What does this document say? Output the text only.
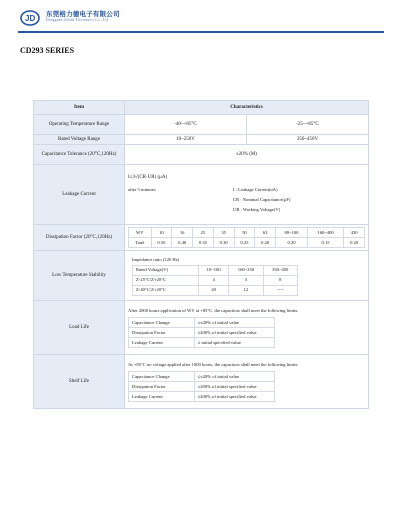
JD 东莞格力德电子有限公司
Dongguan Gelide Electronics Co., Ltd
CD293 SERIES
Item	Characteristics
Operating Temperature Range	-40~+85°C	-25~+85°C
Rated Voltage Range	10~250V	350~450V
Capacitance Tolerance (20°C,120Hz)	±20% (M)
Leakage Current	
I≤3√(CR·UR) (μA)
after 5 minutes	I : Leakage Current(uA)
CR : Nominal Capacitance(μF)
UR : Working Voltage(V)

Dissipation Factor (20°C,120Hz)	
WV	10	16	25	35	50	63	80~100	160~400	450
Tanδ	0.50	0.40	0.35	0.30	0.25	0.20	0.20	0.15	0.20

Low Temperature Stability	
Impedance ratio (120 Hz)
Rated Voltage(V)	10~100	160~250	350~450
Z-25°C/Z+20°C	4	3	8
Z-40°C/Z+20°C	20	12	----

Load Life	
After 2000 hours application of WV at +85°C, the capacitors shall meet the following limits:
Capacitance Change	≤±20% of initial value
Dissipation Factor	≤200% of initial specified value
Leakage Current	≤ initial specified value

Shelf Life	
At +85°C no voltage applied after 1000 hours, the capacitors shall meet the following limits:
Capacitance Change	≤±20% of initial value
Dissipation Factor	≤200% of initial specified value
Leakage Current	≤200% of initial specified value
